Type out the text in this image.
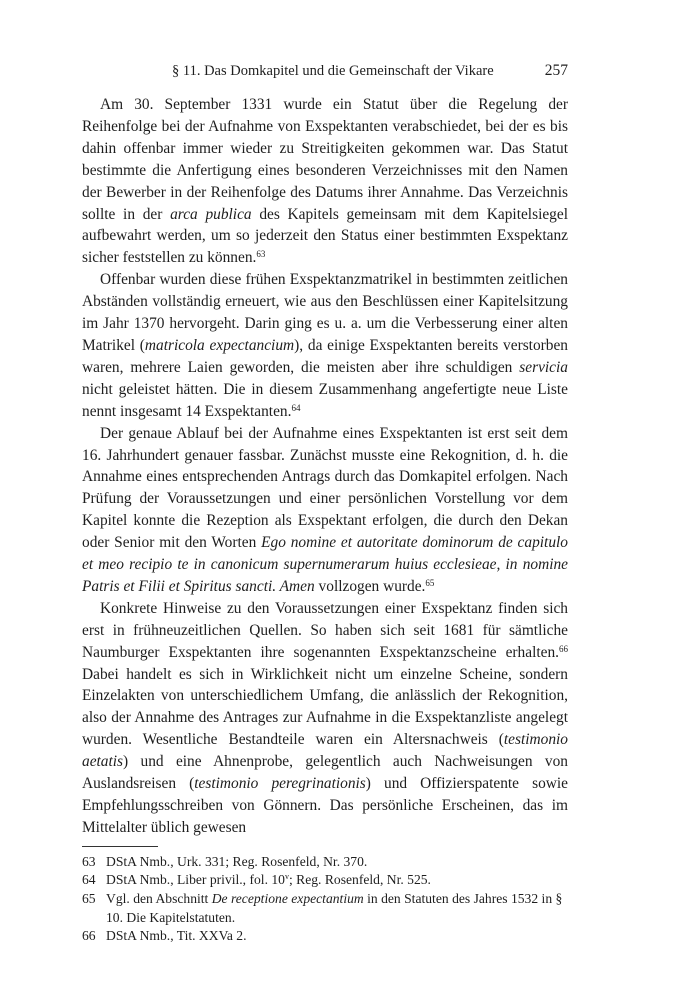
§ 11. Das Domkapitel und die Gemeinschaft der Vikare	257

Am 30. September 1331 wurde ein Statut über die Regelung der Reihenfolge bei der Aufnahme von Exspektanten verabschiedet, bei der es bis dahin offenbar immer wieder zu Streitigkeiten gekommen war. Das Statut bestimmte die Anfertigung eines besonderen Verzeichnisses mit den Namen der Bewerber in der Reihenfolge des Datums ihrer Annahme. Das Verzeichnis sollte in der arca publica des Kapitels gemeinsam mit dem Kapitelsiegel aufbewahrt werden, um so jederzeit den Status einer bestimmten Exspektanz sicher feststellen zu können.$^{63}$

Offenbar wurden diese frühen Exspektanzmatrikel in bestimmten zeitlichen Abständen vollständig erneuert, wie aus den Beschlüssen einer Kapitelsitzung im Jahr 1370 hervorgeht. Darin ging es u. a. um die Verbesserung einer alten Matrikel (matricola expectancium), da einige Exspektanten bereits verstorben waren, mehrere Laien geworden, die meisten aber ihre schuldigen servicia nicht geleistet hätten. Die in diesem Zusammenhang angefertigte neue Liste nennt insgesamt 14 Exspektanten.$^{64}$

Der genaue Ablauf bei der Aufnahme eines Exspektanten ist erst seit dem 16. Jahrhundert genauer fassbar. Zunächst musste eine Rekognition, d. h. die Annahme eines entsprechenden Antrags durch das Domkapitel erfolgen. Nach Prüfung der Voraussetzungen und einer persönlichen Vorstellung vor dem Kapitel konnte die Rezeption als Exspektant erfolgen, die durch den Dekan oder Senior mit den Worten Ego nomine et autoritate dominorum de capitulo et meo recipio te in canonicum supernumerarum huius ecclesieae, in nomine Patris et Filii et Spiritus sancti. Amen vollzogen wurde.$^{65}$

Konkrete Hinweise zu den Voraussetzungen einer Exspektanz finden sich erst in frühneuzeitlichen Quellen. So haben sich seit 1681 für sämtliche Naumburger Exspektanten ihre sogenannten Exspektanzscheine erhalten.$^{66}$ Dabei handelt es sich in Wirklichkeit nicht um einzelne Scheine, sondern Einzelakten von unterschiedlichem Umfang, die anlässlich der Rekognition, also der Annahme des Antrages zur Aufnahme in die Exspektanzliste angelegt wurden. Wesentliche Bestandteile waren ein Altersnachweis (testimonio aetatis) und eine Ahnenprobe, gelegentlich auch Nachweisungen von Auslandsreisen (testimonio peregrinationis) und Offizierspatente sowie Empfehlungsschreiben von Gönnern. Das persönliche Erscheinen, das im Mittelalter üblich gewesen

63 DStA Nmb., Urk. 331; Reg. Rosenfeld, Nr. 370.
64 DStA Nmb., Liber privil., fol. 10$^v$; Reg. Rosenfeld, Nr. 525.
65 Vgl. den Abschnitt De receptione expectantium in den Statuten des Jahres 1532 in § 10. Die Kapitelstatuten.
66 DStA Nmb., Tit. XXVa 2.
